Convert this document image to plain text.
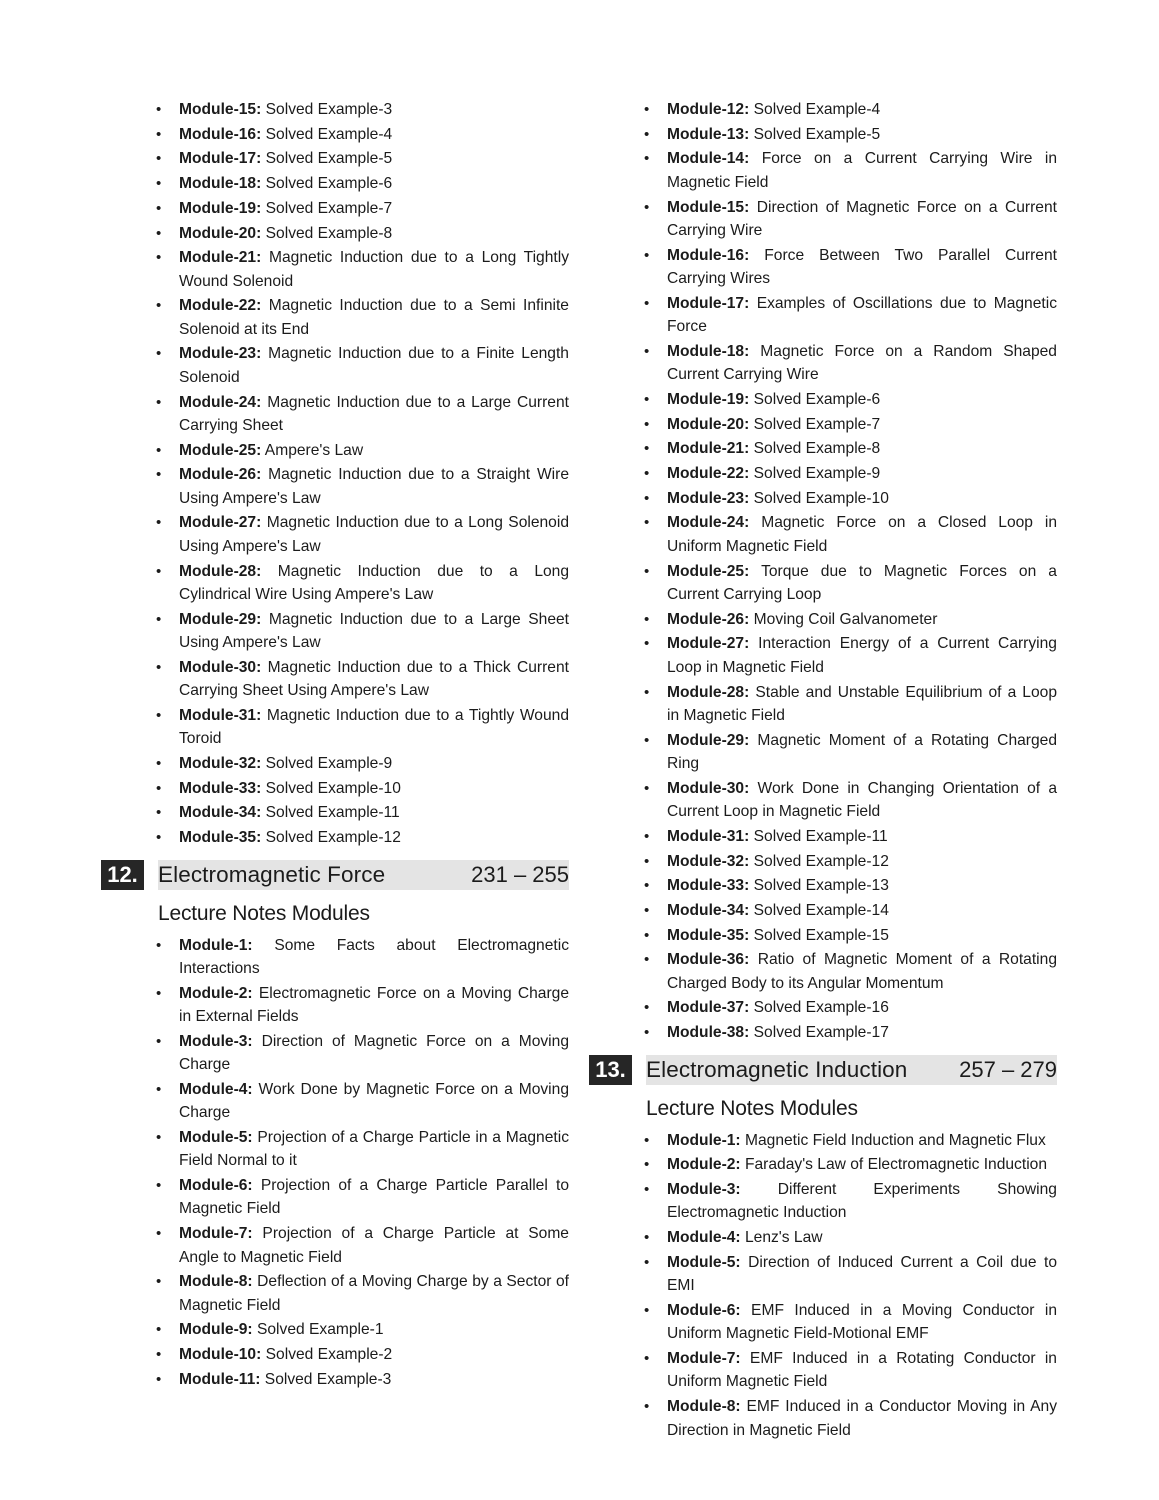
• Module-15: Solved Example-3
• Module-16: Solved Example-4
• Module-17: Solved Example-5
• Module-18: Solved Example-6
• Module-19: Solved Example-7
• Module-20: Solved Example-8
• Module-21: Magnetic Induction due to a Long Tightly Wound Solenoid
• Module-22: Magnetic Induction due to a Semi Infinite Solenoid at its End
• Module-23: Magnetic Induction due to a Finite Length Solenoid
• Module-24: Magnetic Induction due to a Large Current Carrying Sheet
• Module-25: Ampere's Law
• Module-26: Magnetic Induction due to a Straight Wire Using Ampere's Law
• Module-27: Magnetic Induction due to a Long Solenoid Using Ampere's Law
• Module-28: Magnetic Induction due to a Long Cylindrical Wire Using Ampere's Law
• Module-29: Magnetic Induction due to a Large Sheet Using Ampere's Law
• Module-30: Magnetic Induction due to a Thick Current Carrying Sheet Using Ampere's Law
• Module-31: Magnetic Induction due to a Tightly Wound Toroid
• Module-32: Solved Example-9
• Module-33: Solved Example-10
• Module-34: Solved Example-11
• Module-35: Solved Example-12
12. Electromagnetic Force	231 – 255
Lecture Notes Modules
• Module-1: Some Facts about Electromagnetic Interactions
• Module-2: Electromagnetic Force on a Moving Charge in External Fields
• Module-3: Direction of Magnetic Force on a Moving Charge
• Module-4: Work Done by Magnetic Force on a Moving Charge
• Module-5: Projection of a Charge Particle in a Magnetic Field Normal to it
• Module-6: Projection of a Charge Particle Parallel to Magnetic Field
• Module-7: Projection of a Charge Particle at Some Angle to Magnetic Field
• Module-8: Deflection of a Moving Charge by a Sector of Magnetic Field
• Module-9: Solved Example-1
• Module-10: Solved Example-2
• Module-11: Solved Example-3
• Module-12: Solved Example-4
• Module-13: Solved Example-5
• Module-14: Force on a Current Carrying Wire in Magnetic Field
• Module-15: Direction of Magnetic Force on a Current Carrying Wire
• Module-16: Force Between Two Parallel Current Carrying Wires
• Module-17: Examples of Oscillations due to Magnetic Force
• Module-18: Magnetic Force on a Random Shaped Current Carrying Wire
• Module-19: Solved Example-6
• Module-20: Solved Example-7
• Module-21: Solved Example-8
• Module-22: Solved Example-9
• Module-23: Solved Example-10
• Module-24: Magnetic Force on a Closed Loop in Uniform Magnetic Field
• Module-25: Torque due to Magnetic Forces on a Current Carrying Loop
• Module-26: Moving Coil Galvanometer
• Module-27: Interaction Energy of a Current Carrying Loop in Magnetic Field
• Module-28: Stable and Unstable Equilibrium of a Loop in Magnetic Field
• Module-29: Magnetic Moment of a Rotating Charged Ring
• Module-30: Work Done in Changing Orientation of a Current Loop in Magnetic Field
• Module-31: Solved Example-11
• Module-32: Solved Example-12
• Module-33: Solved Example-13
• Module-34: Solved Example-14
• Module-35: Solved Example-15
• Module-36: Ratio of Magnetic Moment of a Rotating Charged Body to its Angular Momentum
• Module-37: Solved Example-16
• Module-38: Solved Example-17
13. Electromagnetic Induction 257 – 279
Lecture Notes Modules
• Module-1: Magnetic Field Induction and Magnetic Flux
• Module-2: Faraday's Law of Electromagnetic Induction
• Module-3: Different Experiments Showing Electromagnetic Induction
• Module-4: Lenz's Law
• Module-5: Direction of Induced Current a Coil due to EMI
• Module-6: EMF Induced in a Moving Conductor in Uniform Magnetic Field-Motional EMF
• Module-7: EMF Induced in a Rotating Conductor in Uniform Magnetic Field
• Module-8: EMF Induced in a Conductor Moving in Any Direction in Magnetic Field
